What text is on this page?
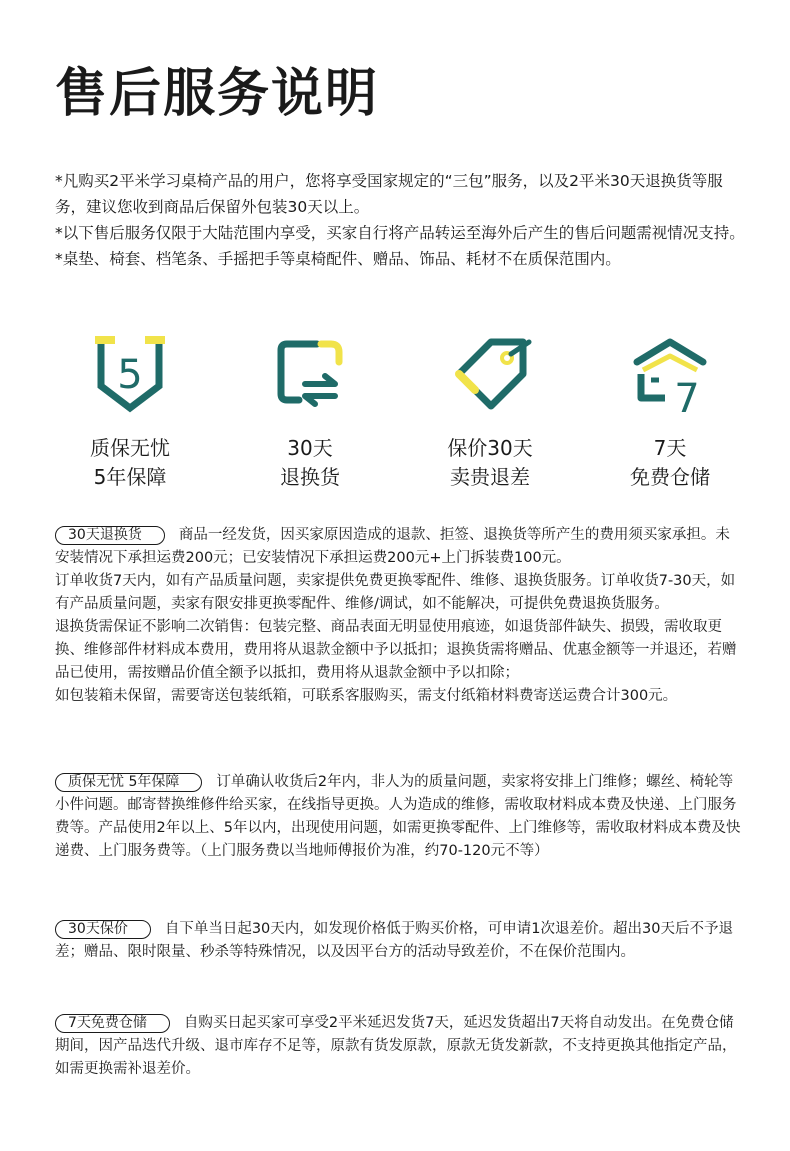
售后服务说明

*凡购买2平米学习桌椅产品的用户，您将享受国家规定的“三包”服务，以及2平米30天退换货等服务，建议您收到商品后保留外包装30天以上。

*以下售后服务仅限于大陆范围内享受，买家自行将产品转运至海外后产生的售后问题需视情况支持。

*桌垫、椅套、档笔条、手摇把手等桌椅配件、赠品、饰品、耗材不在质保范围内。

5
质保无忧
5年保障
30天
退换货
保价30天
卖贵退差
7
7天
免费仓储

30天退换货	商品一经发货，因买家原因造成的退款、拒签、退换货等所产生的费用须买家承担。未安装情况下承担运费200元；已安装情况下承担运费200元+上门拆装费100元。

订单收货7天内，如有产品质量问题，卖家提供免费更换零配件、维修、退换货服务。订单收货7-30天，如有产品质量问题，卖家有限安排更换零配件、维修/调试，如不能解决，可提供免费退换货服务。

退换货需保证不影响二次销售：包装完整、商品表面无明显使用痕迹，如退货部件缺失、损毁，需收取更换、维修部件材料成本费用，费用将从退款金额中予以抵扣；退换货需将赠品、优惠金额等一并退还，若赠品已使用，需按赠品价值全额予以抵扣，费用将从退款金额中予以扣除；

如包装箱未保留，需要寄送包装纸箱，可联系客服购买，需支付纸箱材料费寄送运费合计300元。

质保无忧 5年保障	订单确认收货后2年内，非人为的质量问题，卖家将安排上门维修；螺丝、椅轮等小件问题。邮寄替换维修件给买家，在线指导更换。人为造成的维修，需收取材料成本费及快递、上门服务费等。产品使用2年以上、5年以内，出现使用问题，如需更换零配件、上门维修等，需收取材料成本费及快递费、上门服务费等。（上门服务费以当地师傅报价为准，约70-120元不等）

30天保价	自下单当日起30天内，如发现价格低于购买价格，可申请1次退差价。超出30天后不予退差；赠品、限时限量、秒杀等特殊情况，以及因平台方的活动导致差价，不在保价范围内。

7天免费仓储	自购买日起买家可享受2平米延迟发货7天，延迟发货超出7天将自动发出。在免费仓储期间，因产品迭代升级、退市库存不足等，原款有货发原款，原款无货发新款，不支持更换其他指定产品，如需更换需补退差价。
